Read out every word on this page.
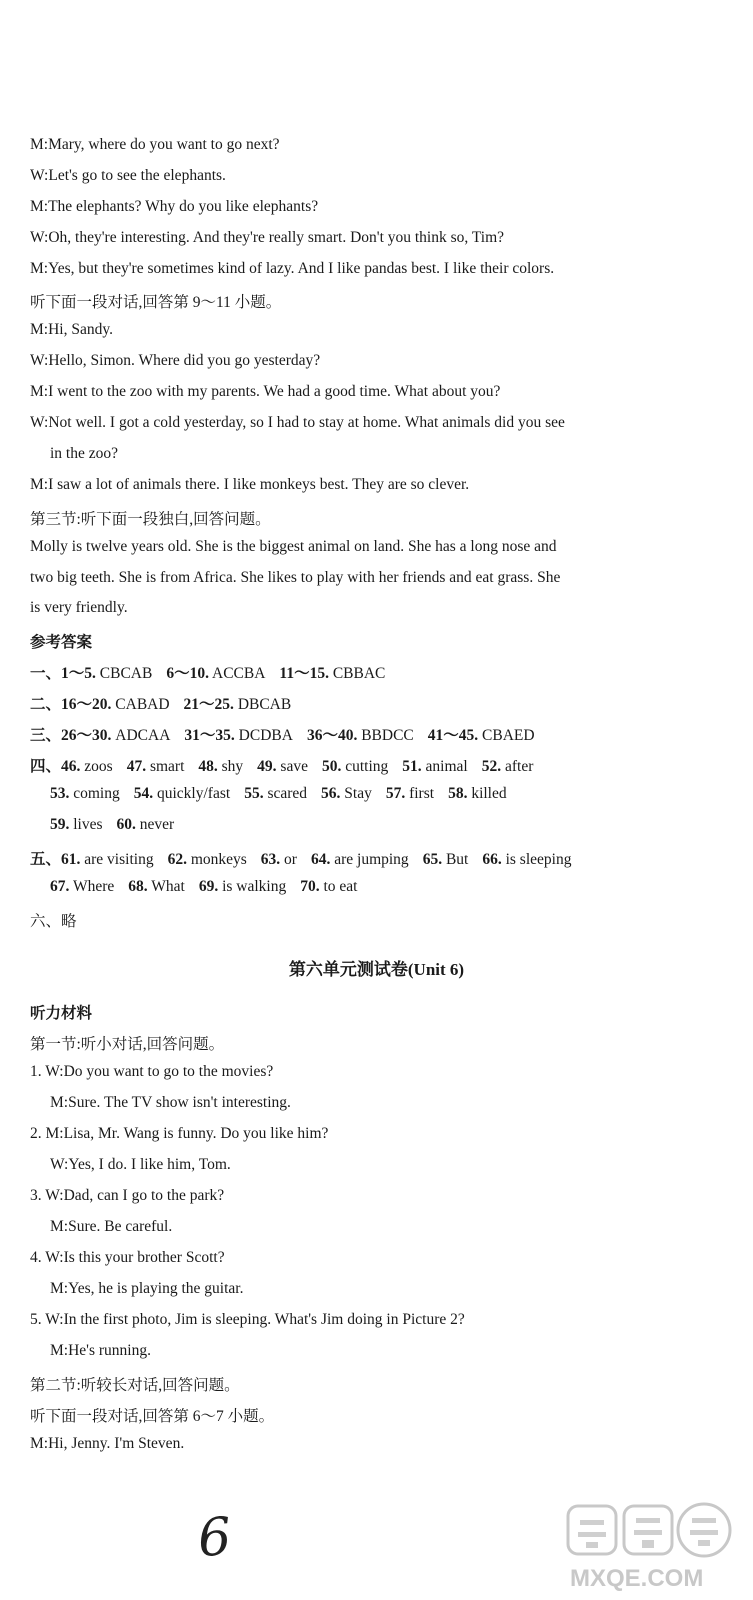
M:Mary, where do you want to go next?
W:Let's go to see the elephants.
M:The elephants? Why do you like elephants?
W:Oh, they're interesting. And they're really smart. Don't you think so, Tim?
M:Yes, but they're sometimes kind of lazy. And I like pandas best. I like their colors.
听下面一段对话,回答第 9～11 小题。
M:Hi, Sandy.
W:Hello, Simon. Where did you go yesterday?
M:I went to the zoo with my parents. We had a good time. What about you?
W:Not well. I got a cold yesterday, so I had to stay at home. What animals did you see
in the zoo?
M:I saw a lot of animals there. I like monkeys best. They are so clever.
第三节:听下面一段独白,回答问题。
Molly is twelve years old. She is the biggest animal on land. She has a long nose and
two big teeth. She is from Africa. She likes to play with her friends and eat grass. She
is very friendly.
参考答案
一、1～5. CBCAB 6～10. ACCBA 11～15. CBBAC
二、16～20. CABAD 21～25. DBCAB
三、26～30. ADCAA 31～35. DCDBA 36～40. BBDCC 41～45. CBAED
四、46. zoos 47. smart 48. shy 49. save 50. cutting 51. animal 52. after
53. coming 54. quickly/fast 55. scared 56. Stay 57. first 58. killed
59. lives 60. never
五、61. are visiting 62. monkeys 63. or 64. are jumping 65. But 66. is sleeping
67. Where 68. What 69. is walking 70. to eat
六、略
第六单元测试卷(Unit 6)
听力材料
第一节:听小对话,回答问题。
1. W:Do you want to go to the movies?
M:Sure. The TV show isn't interesting.
2. M:Lisa, Mr. Wang is funny. Do you like him?
W:Yes, I do. I like him, Tom.
3. W:Dad, can I go to the park?
M:Sure. Be careful.
4. W:Is this your brother Scott?
M:Yes, he is playing the guitar.
5. W:In the first photo, Jim is sleeping. What's Jim doing in Picture 2?
M:He's running.
第二节:听较长对话,回答问题。
听下面一段对话,回答第 6～7 小题。
M:Hi, Jenny. I'm Steven.
6
MXQE.COM
